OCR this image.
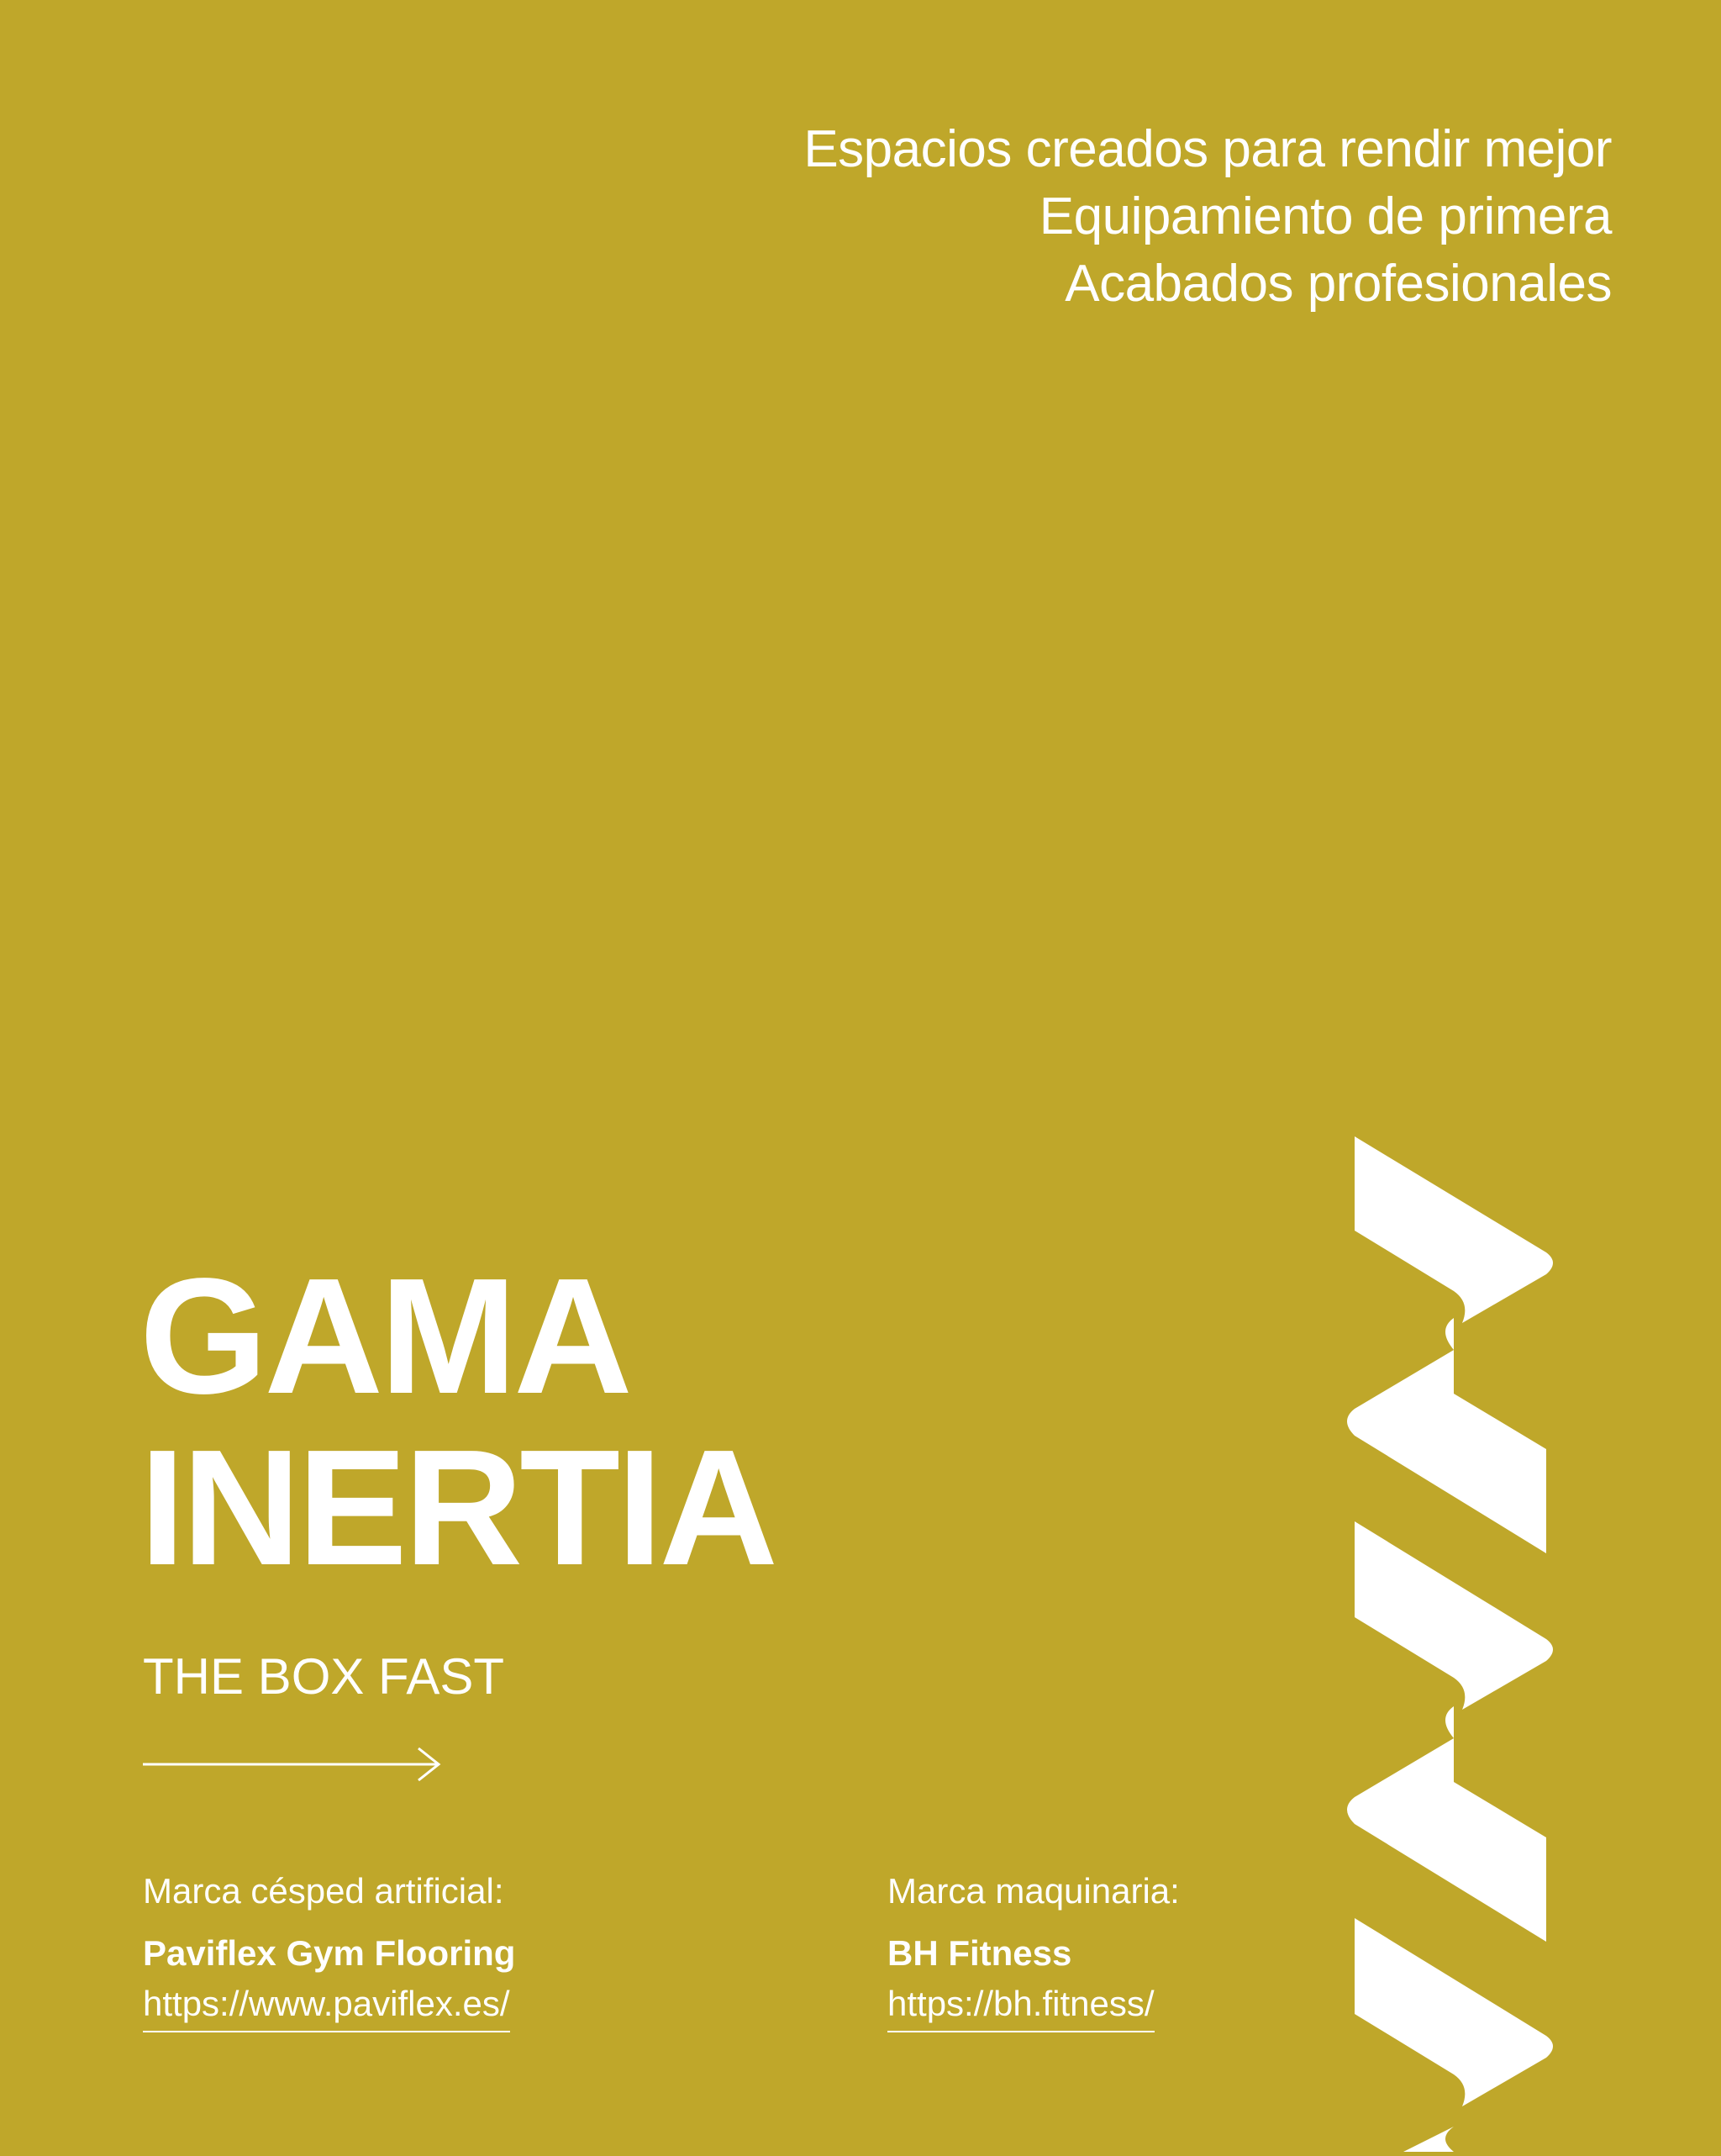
Espacios creados para rendir mejor
Equipamiento de primera
Acabados profesionales
GAMA
INERTIA
THE BOX FAST
Marca césped artificial:
Paviflex Gym Flooring
https://www.paviflex.es/
Marca maquinaria:
BH Fitness
https://bh.fitness/
